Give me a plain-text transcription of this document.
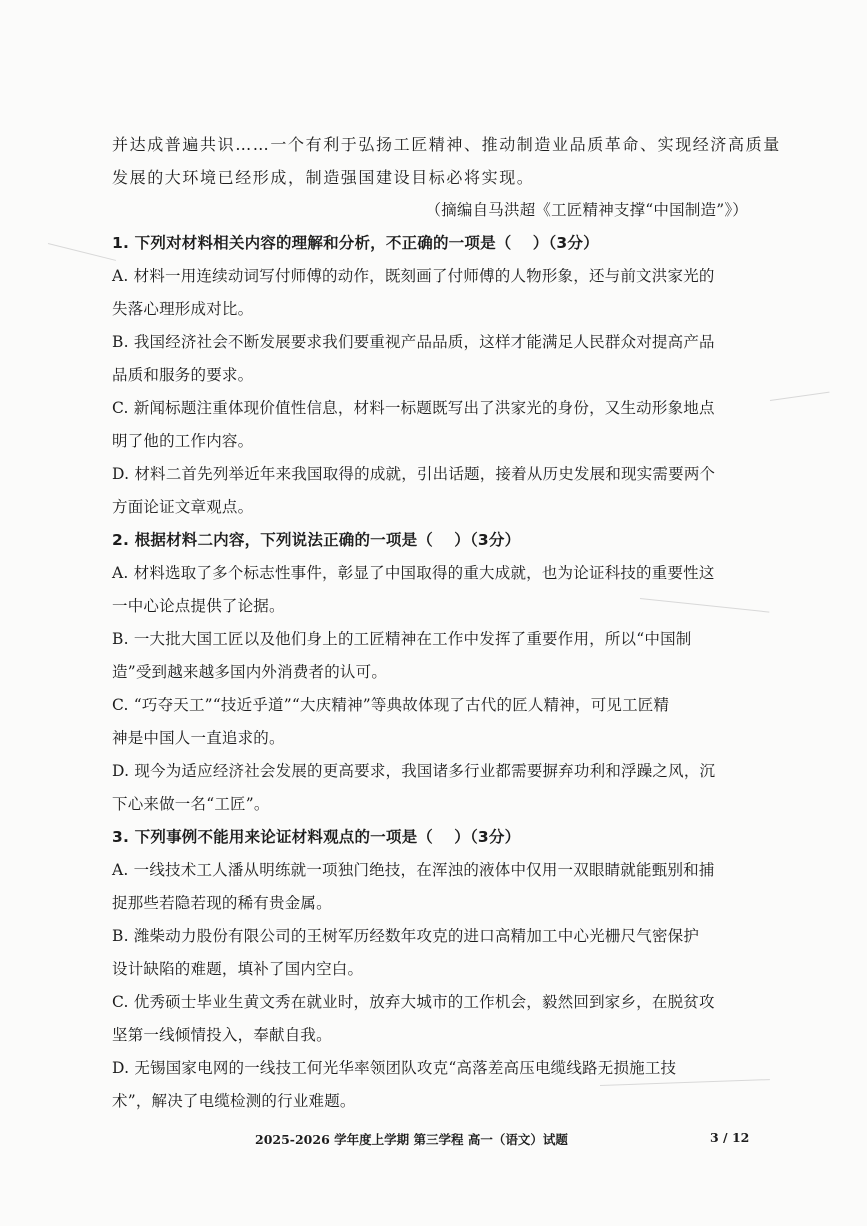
并达成普遍共识……一个有利于弘扬工匠精神、推动制造业品质革命、实现经济高质量
发展的大环境已经形成，制造强国建设目标必将实现。
（摘编自马洪超《工匠精神支撑“中国制造”》）
1. 下列对材料相关内容的理解和分析，不正确的一项是（　 ）（3分）
A. 材料一用连续动词写付师傅的动作，既刻画了付师傅的人物形象，还与前文洪家光的
失落心理形成对比。
B. 我国经济社会不断发展要求我们要重视产品品质，这样才能满足人民群众对提高产品
品质和服务的要求。
C. 新闻标题注重体现价值性信息，材料一标题既写出了洪家光的身份，又生动形象地点
明了他的工作内容。
D. 材料二首先列举近年来我国取得的成就，引出话题，接着从历史发展和现实需要两个
方面论证文章观点。
2. 根据材料二内容，下列说法正确的一项是（　 ）（3分）
A. 材料选取了多个标志性事件，彰显了中国取得的重大成就，也为论证科技的重要性这
一中心论点提供了论据。
B. 一大批大国工匠以及他们身上的工匠精神在工作中发挥了重要作用，所以“中国制
造”受到越来越多国内外消费者的认可。
C. “巧夺天工”“技近乎道”“大庆精神”等典故体现了古代的匠人精神，可见工匠精
神是中国人一直追求的。
D. 现今为适应经济社会发展的更高要求，我国诸多行业都需要摒弃功利和浮躁之风，沉
下心来做一名“工匠”。
3. 下列事例不能用来论证材料观点的一项是（　 ）（3分）
A. 一线技术工人潘从明练就一项独门绝技，在浑浊的液体中仅用一双眼睛就能甄别和捕
捉那些若隐若现的稀有贵金属。
B. 潍柴动力股份有限公司的王树军历经数年攻克的进口高精加工中心光栅尺气密保护
设计缺陷的难题，填补了国内空白。
C. 优秀硕士毕业生黄文秀在就业时，放弃大城市的工作机会，毅然回到家乡，在脱贫攻
坚第一线倾情投入，奉献自我。
D. 无锡国家电网的一线技工何光华率领团队攻克“高落差高压电缆线路无损施工技
术”，解决了电缆检测的行业难题。
2025-2026 学年度上学期 第三学程 高一（语文）试题	3 / 12
